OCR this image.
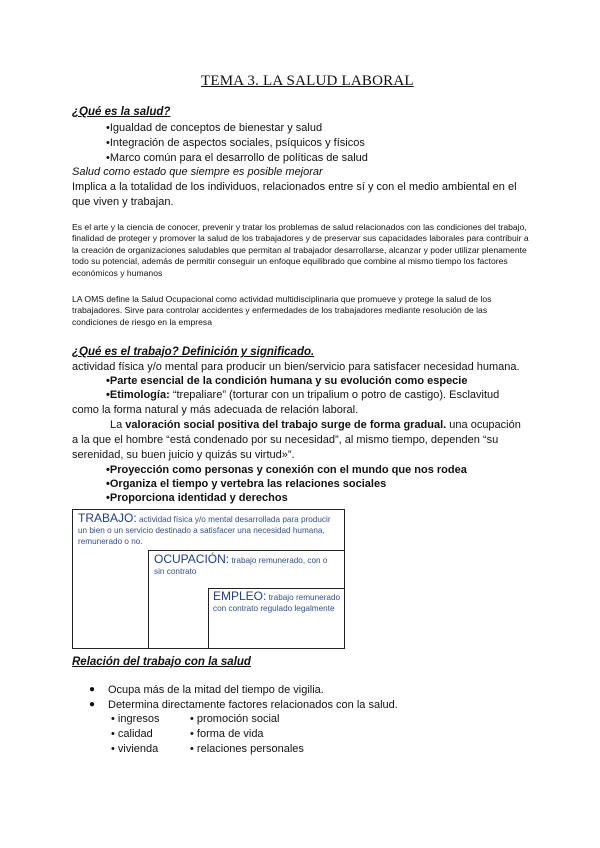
TEMA 3. LA SALUD LABORAL
¿Qué es la salud?
•Igualdad de conceptos de bienestar y salud
•Integración de aspectos sociales, psíquicos y físicos
•Marco común para el desarrollo de políticas de salud
Salud como estado que siempre es posible mejorar
Implica a la totalidad de los individuos, relacionados entre sí y con el medio ambiental en el
que viven y trabajan.
Es el arte y la ciencia de conocer, prevenir y tratar los problemas de salud relacionados con las condiciones del trabajo, finalidad de proteger y promover la salud de los trabajadores y de preservar sus capacidades laborales para contribuir a la creación de organizaciones saludables que permitan al trabajador desarrollarse, alcanzar y poder utilizar plenamente todo su potencial, además de permitir conseguir un enfoque equilibrado que combine al mismo tiempo los factores económicos y humanos
LA OMS define la Salud Ocupacional como actividad multidisciplinaria que promueve y protege la salud de los trabajadores. Sirve para controlar accidentes y enfermedades de los trabajadores mediante resolución de las condiciones de riesgo en la empresa
¿Qué es el trabajo? Definición y significado.
actividad física y/o mental para producir un bien/servicio para satisfacer necesidad humana.
•Parte esencial de la condición humana y su evolución como especie
•Etimología: “trepaliare” (torturar con un tripalium o potro de castigo). Esclavitud
como la forma natural y más adecuada de relación laboral.
La valoración social positiva del trabajo surge de forma gradual. una ocupación
a la que el hombre “está condenado por su necesidad”, al mismo tiempo, dependen “su
serenidad, su buen juicio y quizás su virtud»”.
•Proyección como personas y conexión con el mundo que nos rodea
•Organiza el tiempo y vertebra las relaciones sociales
•Proporciona identidad y derechos
TRABAJO: actividad física y/o mental desarrollada para producir un bien o un servicio destinado a satisfacer una necesidad humana, remunerado o no.
OCUPACIÓN: trabajo remunerado, con o sin contrato
EMPLEO: trabajo remunerado con contrato regulado legalmente
Relación del trabajo con la salud
● Ocupa más de la mitad del tiempo de vigilia.
● Determina directamente factores relacionados con la salud.
• ingresos
• calidad
• vivienda
• promoción social
• forma de vida
• relaciones personales
